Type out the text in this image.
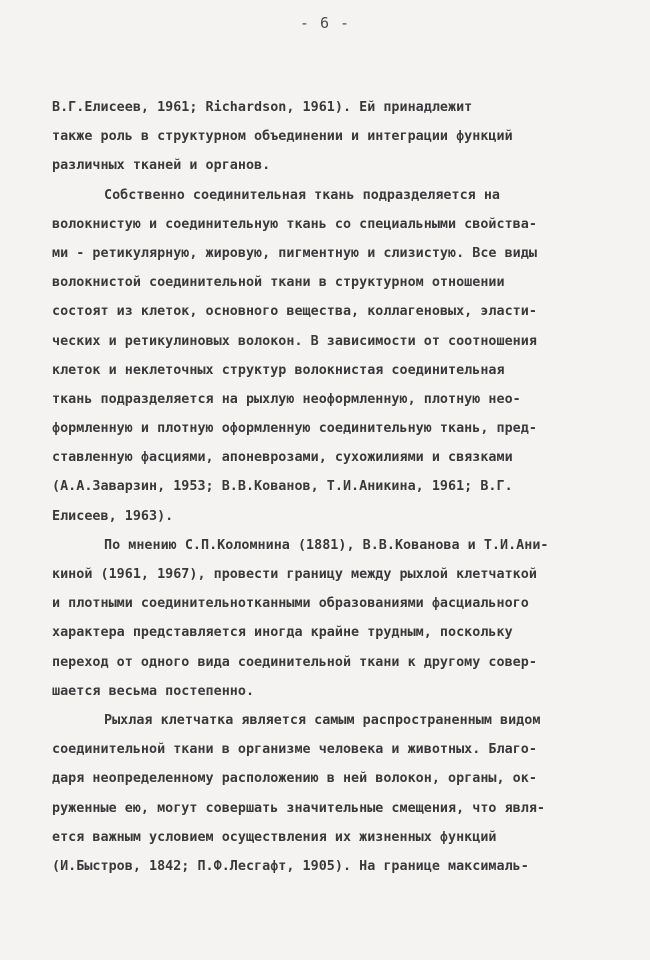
- 6 -
В.Г.Елисеев, 1961; Richardson, 1961). Ей принадлежит
также роль в структурном объединении и интеграции функций
различных тканей и органов.
Собственно соединительная ткань подразделяется на
волокнистую и соединительную ткань со специальными свойства-
ми - ретикулярную, жировую, пигментную и слизистую. Все виды
волокнистой соединительной ткани в структурном отношении
состоят из клеток, основного вещества, коллагеновых, эласти-
ческих и ретикулиновых волокон. В зависимости от соотношения
клеток и неклеточных структур волокнистая соединительная
ткань подразделяется на рыхлую неоформленную, плотную нео-
формленную и плотную оформленную соединительную ткань, пред-
ставленную фасциями, апоневрозами, сухожилиями и связками
(А.А.Заварзин, 1953; В.В.Кованов, Т.И.Аникина, 1961; В.Г.
Елисеев, 1963).
По мнению С.П.Коломнина (1881), В.В.Кованова и Т.И.Ани-
киной (1961, 1967), провести границу между рыхлой клетчаткой
и плотными соединительнотканными образованиями фасциального
характера представляется иногда крайне трудным, поскольку
переход от одного вида соединительной ткани к другому совер-
шается весьма постепенно.
Рыхлая клетчатка является самым распространенным видом
соединительной ткани в организме человека и животных. Благо-
даря неопределенному расположению в ней волокон, органы, ок-
руженные ею, могут совершать значительные смещения, что явля-
ется важным условием осуществления их жизненных функций
(И.Быстров, 1842; П.Ф.Лесгафт, 1905). На границе максималь-
